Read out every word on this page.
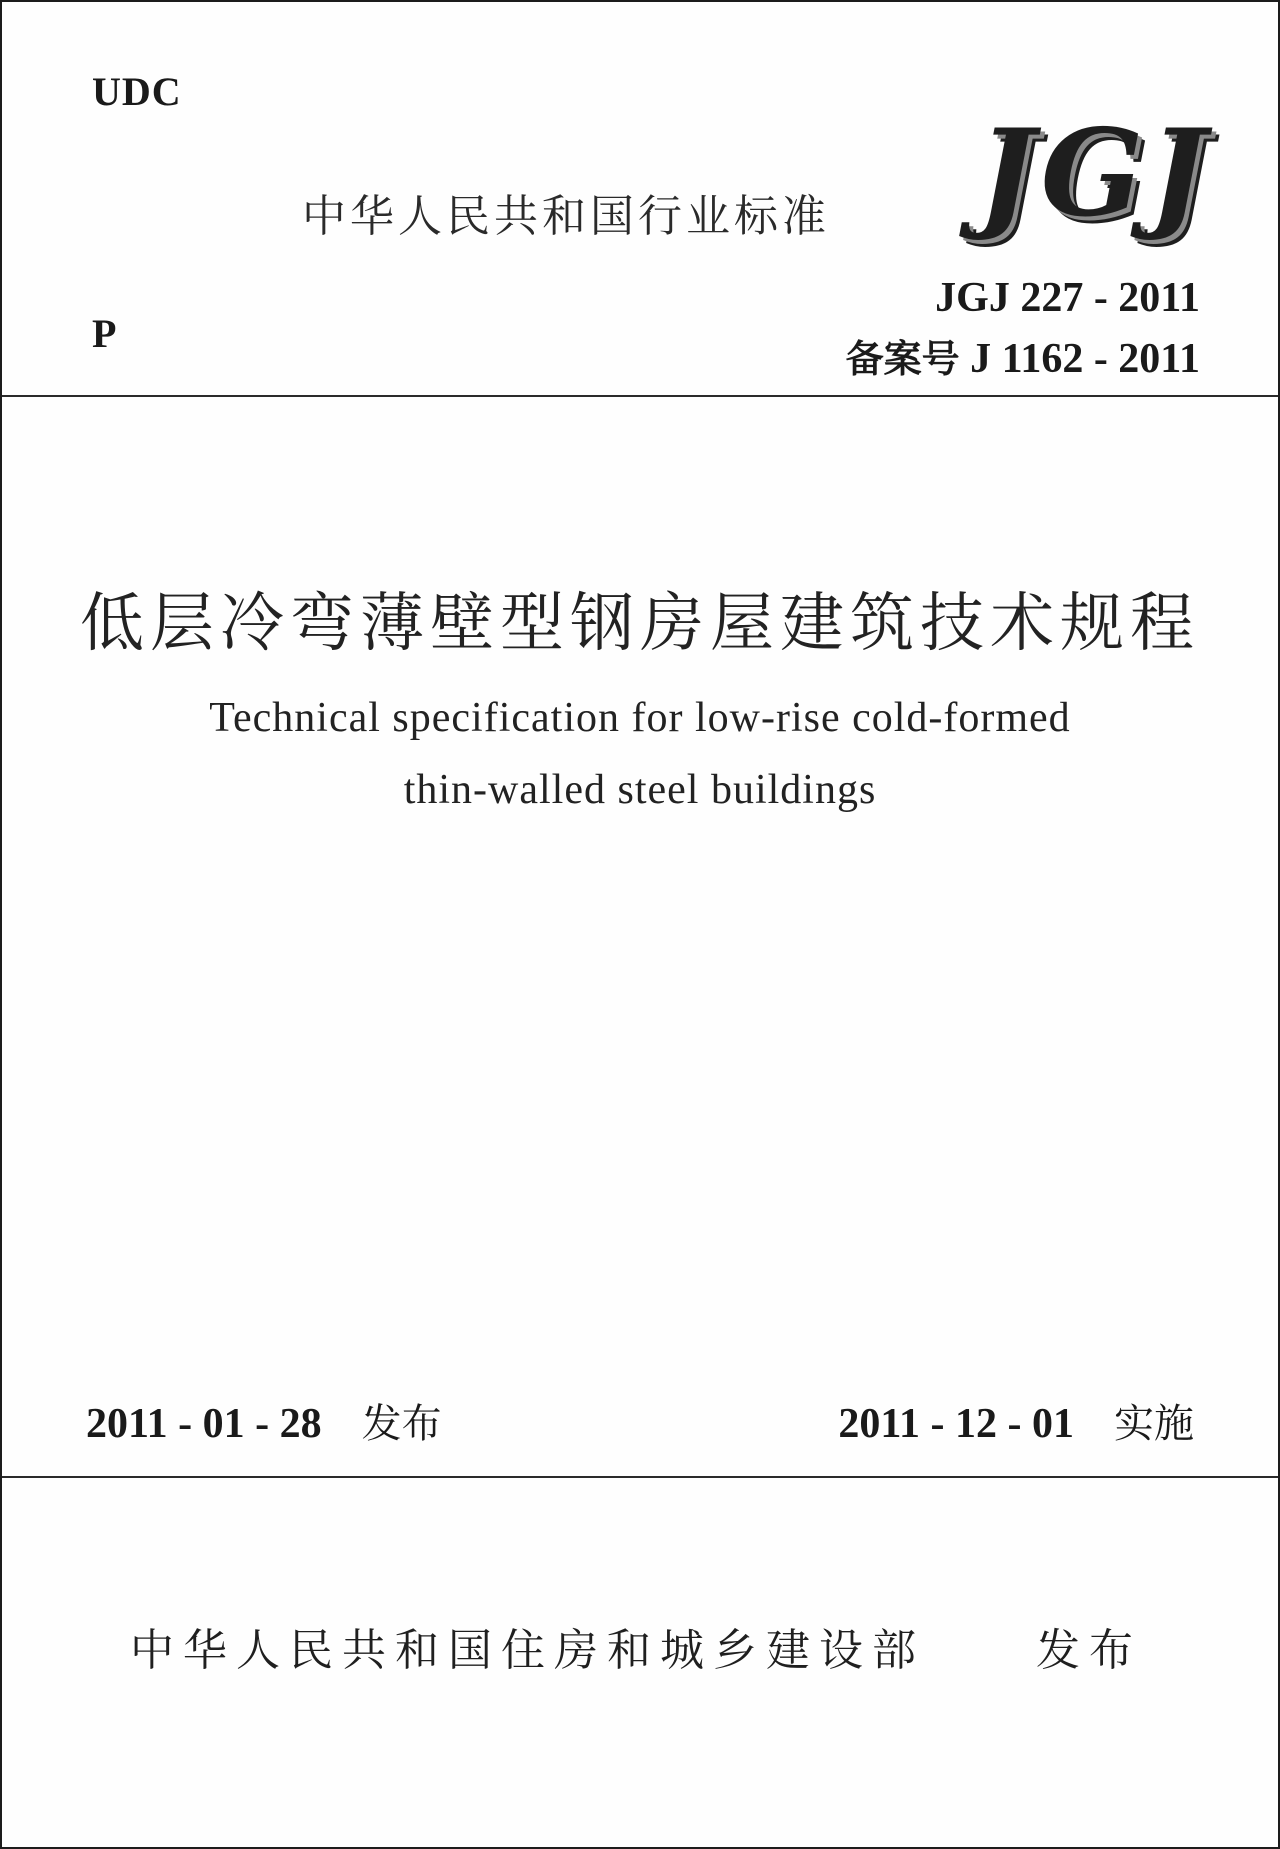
UDC
中华人民共和国行业标准 J G J
JGJ 227 - 2011
P
备案号 J 1162 - 2011
低层冷弯薄壁型钢房屋建筑技术规程
Technical specification for low-rise cold-formed
thin-walled steel buildings
2011 - 01 - 28 发布	2011 - 12 - 01 实施
中华人民共和国住房和城乡建设部	发布
